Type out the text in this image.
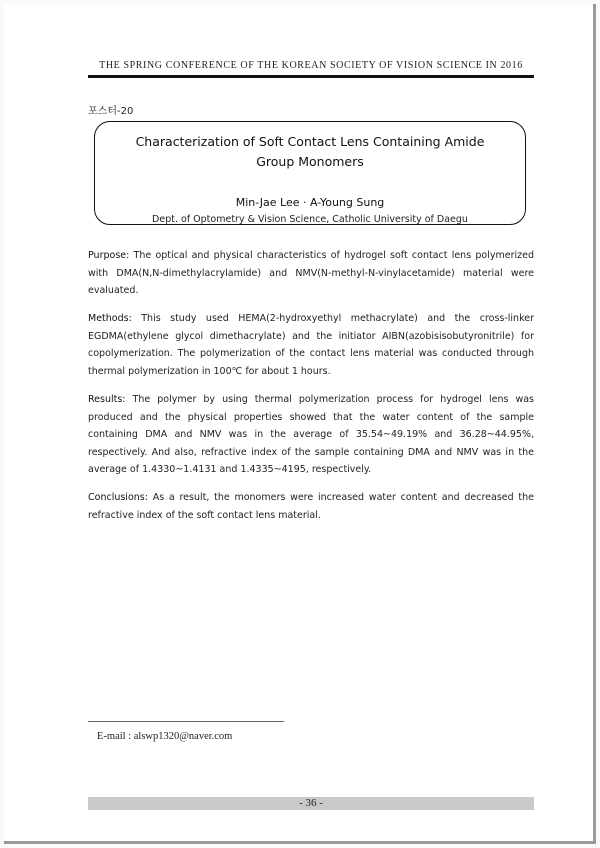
THE SPRING CONFERENCE OF THE KOREAN SOCIETY OF VISION SCIENCE IN 2016
포스터-20
Characterization of Soft Contact Lens Containing Amide Group Monomers
Min-Jae Lee · A-Young Sung
Dept. of Optometry & Vision Science, Catholic University of Daegu
Purpose: The optical and physical characteristics of hydrogel soft contact lens polymerized with DMA(N,N-dimethylacrylamide) and NMV(N-methyl-N-vinylacetamide) material were evaluated.
Methods: This study used HEMA(2-hydroxyethyl methacrylate) and the cross-linker EGDMA(ethylene glycol dimethacrylate) and the initiator AIBN(azobisisobutyronitrile) for copolymerization. The polymerization of the contact lens material was conducted through thermal polymerization in 100℃ for about 1 hours.
Results: The polymer by using thermal polymerization process for hydrogel lens was produced and the physical properties showed that the water content of the sample containing DMA and NMV was in the average of 35.54~49.19% and 36.28~44.95%, respectively. And also, refractive index of the sample containing DMA and NMV was in the average of 1.4330~1.4131 and 1.4335~4195, respectively.
Conclusions: As a result, the monomers were increased water content and decreased the refractive index of the soft contact lens material.
E-mail : alswp1320@naver.com
- 36 -
